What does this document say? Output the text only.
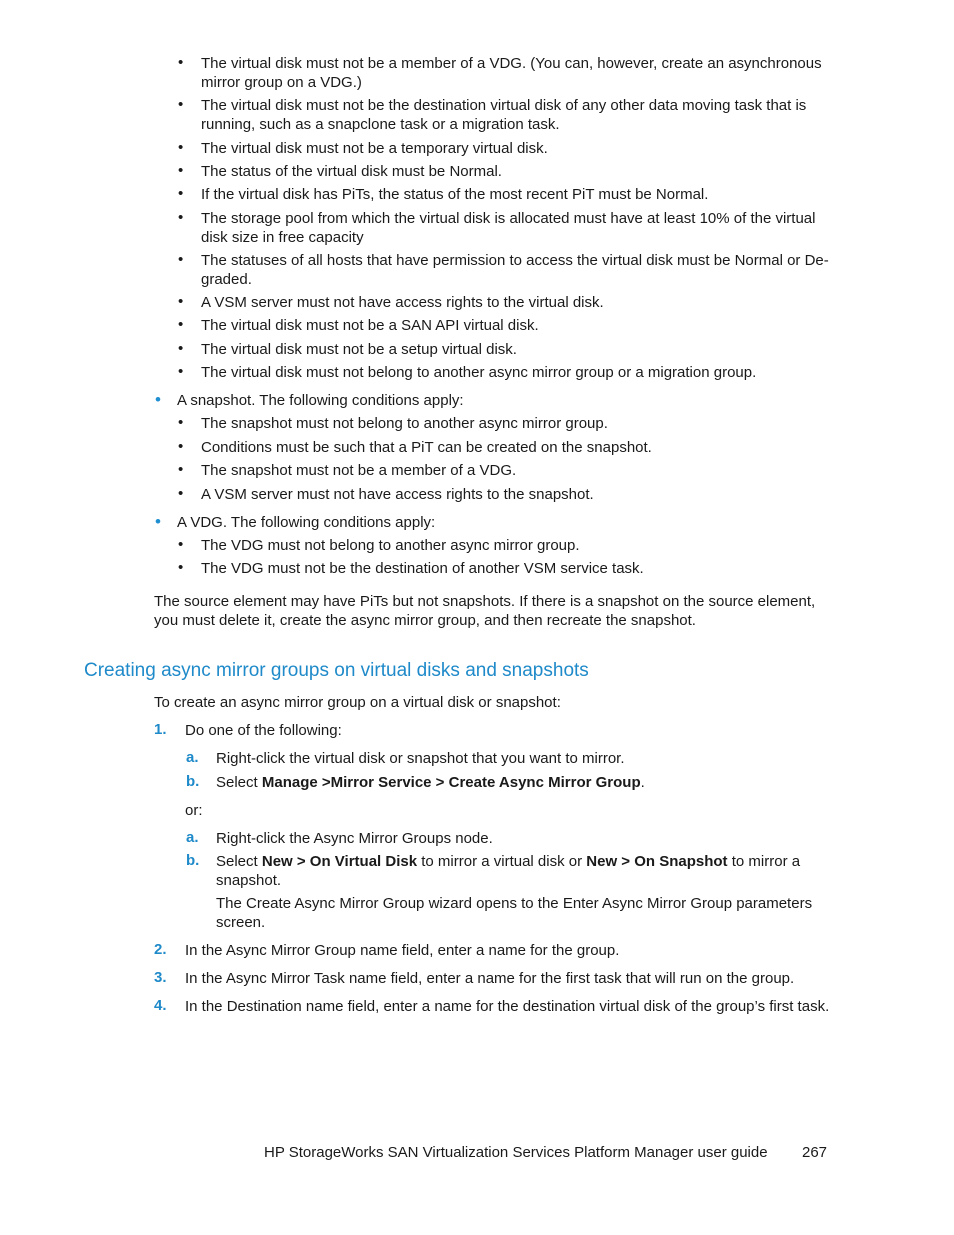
• The virtual disk must not be a member of a VDG. (You can, however, create an asynchronous
mirror group on a VDG.)
• The virtual disk must not be the destination virtual disk of any other data moving task that is
running, such as a snapclone task or a migration task.
• The virtual disk must not be a temporary virtual disk.
• The status of the virtual disk must be Normal.
• If the virtual disk has PiTs, the status of the most recent PiT must be Normal.
• The storage pool from which the virtual disk is allocated must have at least 10% of the virtual
disk size in free capacity
• The statuses of all hosts that have permission to access the virtual disk must be Normal or De-
graded.
• A VSM server must not have access rights to the virtual disk.
• The virtual disk must not be a SAN API virtual disk.
• The virtual disk must not be a setup virtual disk.
• The virtual disk must not belong to another async mirror group or a migration group.
• A snapshot. The following conditions apply:
• The snapshot must not belong to another async mirror group.
• Conditions must be such that a PiT can be created on the snapshot.
• The snapshot must not be a member of a VDG.
• A VSM server must not have access rights to the snapshot.
• A VDG. The following conditions apply:
• The VDG must not belong to another async mirror group.
• The VDG must not be the destination of another VSM service task.
The source element may have PiTs but not snapshots. If there is a snapshot on the source element,
you must delete it, create the async mirror group, and then recreate the snapshot.
Creating async mirror groups on virtual disks and snapshots
To create an async mirror group on a virtual disk or snapshot:
1. Do one of the following:
a. Right-click the virtual disk or snapshot that you want to mirror.
b. Select Manage >Mirror Service > Create Async Mirror Group.
or:
a. Right-click the Async Mirror Groups node.
b. Select New > On Virtual Disk to mirror a virtual disk or New > On Snapshot to mirror a
snapshot.
The Create Async Mirror Group wizard opens to the Enter Async Mirror Group parameters
screen.
2. In the Async Mirror Group name field, enter a name for the group.
3. In the Async Mirror Task name field, enter a name for the first task that will run on the group.
4. In the Destination name field, enter a name for the destination virtual disk of the group’s first task.
HP StorageWorks SAN Virtualization Services Platform Manager user guide 267
